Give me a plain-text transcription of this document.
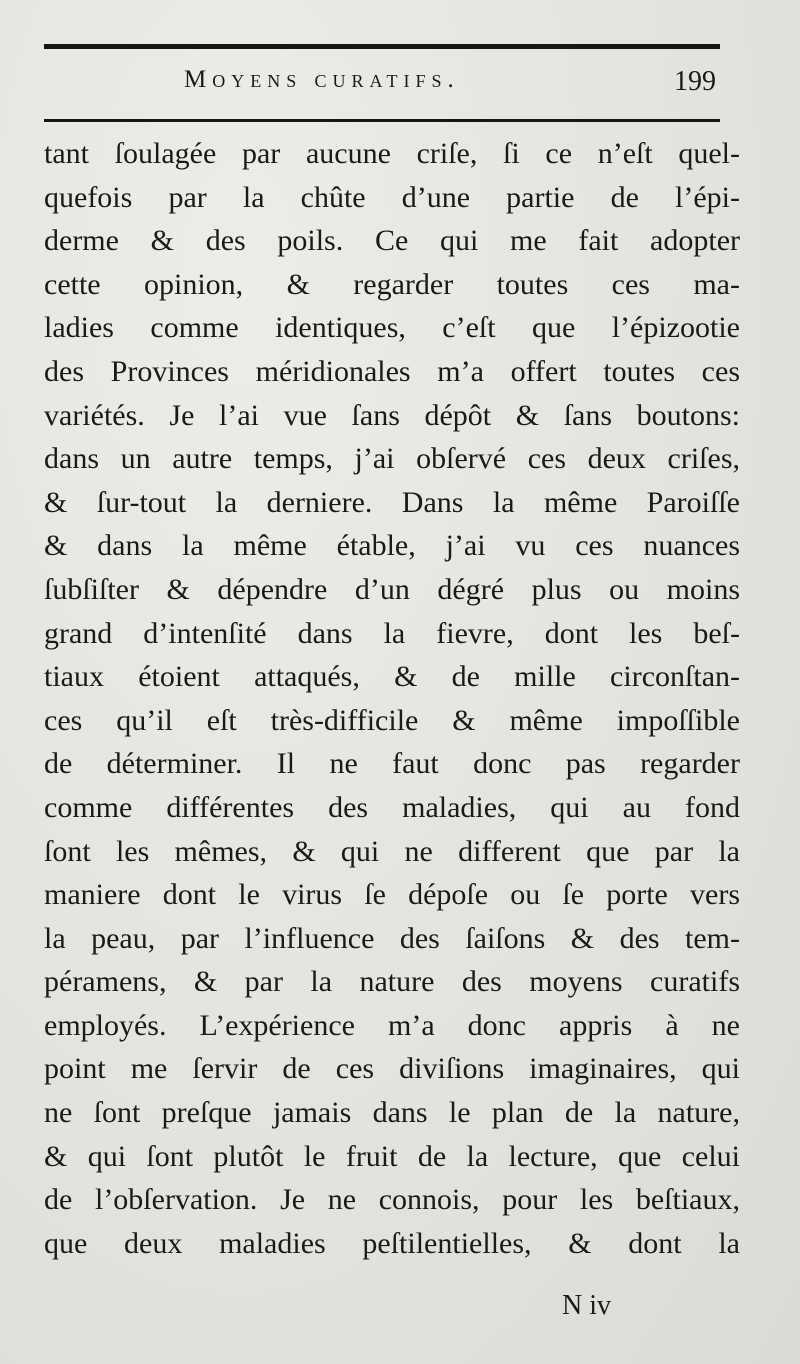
Moyens curatifs.	199
tant ſoulagée par aucune criſe, ſi ce n’eſt quel-
quefois par la chûte d’une partie de l’épi-
derme & des poils. Ce qui me fait adopter
cette opinion, & regarder toutes ces ma-
ladies comme identiques, c’eſt que l’épizootie
des Provinces méridionales m’a offert toutes ces
variétés. Je l’ai vue ſans dépôt & ſans boutons:
dans un autre temps, j’ai obſervé ces deux criſes,
& ſur-tout la derniere. Dans la même Paroiſſe
& dans la même étable, j’ai vu ces nuances
ſubſiſter & dépendre d’un dégré plus ou moins
grand d’intenſité dans la fievre, dont les beſ-
tiaux étoient attaqués, & de mille circonſtan-
ces qu’il eſt très-difficile & même impoſſible
de déterminer. Il ne faut donc pas regarder
comme différentes des maladies, qui au fond
ſont les mêmes, & qui ne different que par la
maniere dont le virus ſe dépoſe ou ſe porte vers
la peau, par l’influence des ſaiſons & des tem-
péramens, & par la nature des moyens curatifs
employés. L’expérience m’a donc appris à ne
point me ſervir de ces diviſions imaginaires, qui
ne ſont preſque jamais dans le plan de la nature,
& qui ſont plutôt le fruit de la lecture, que celui
de l’obſervation. Je ne connois, pour les beſtiaux,
que deux maladies peſtilentielles, & dont la
N iv
